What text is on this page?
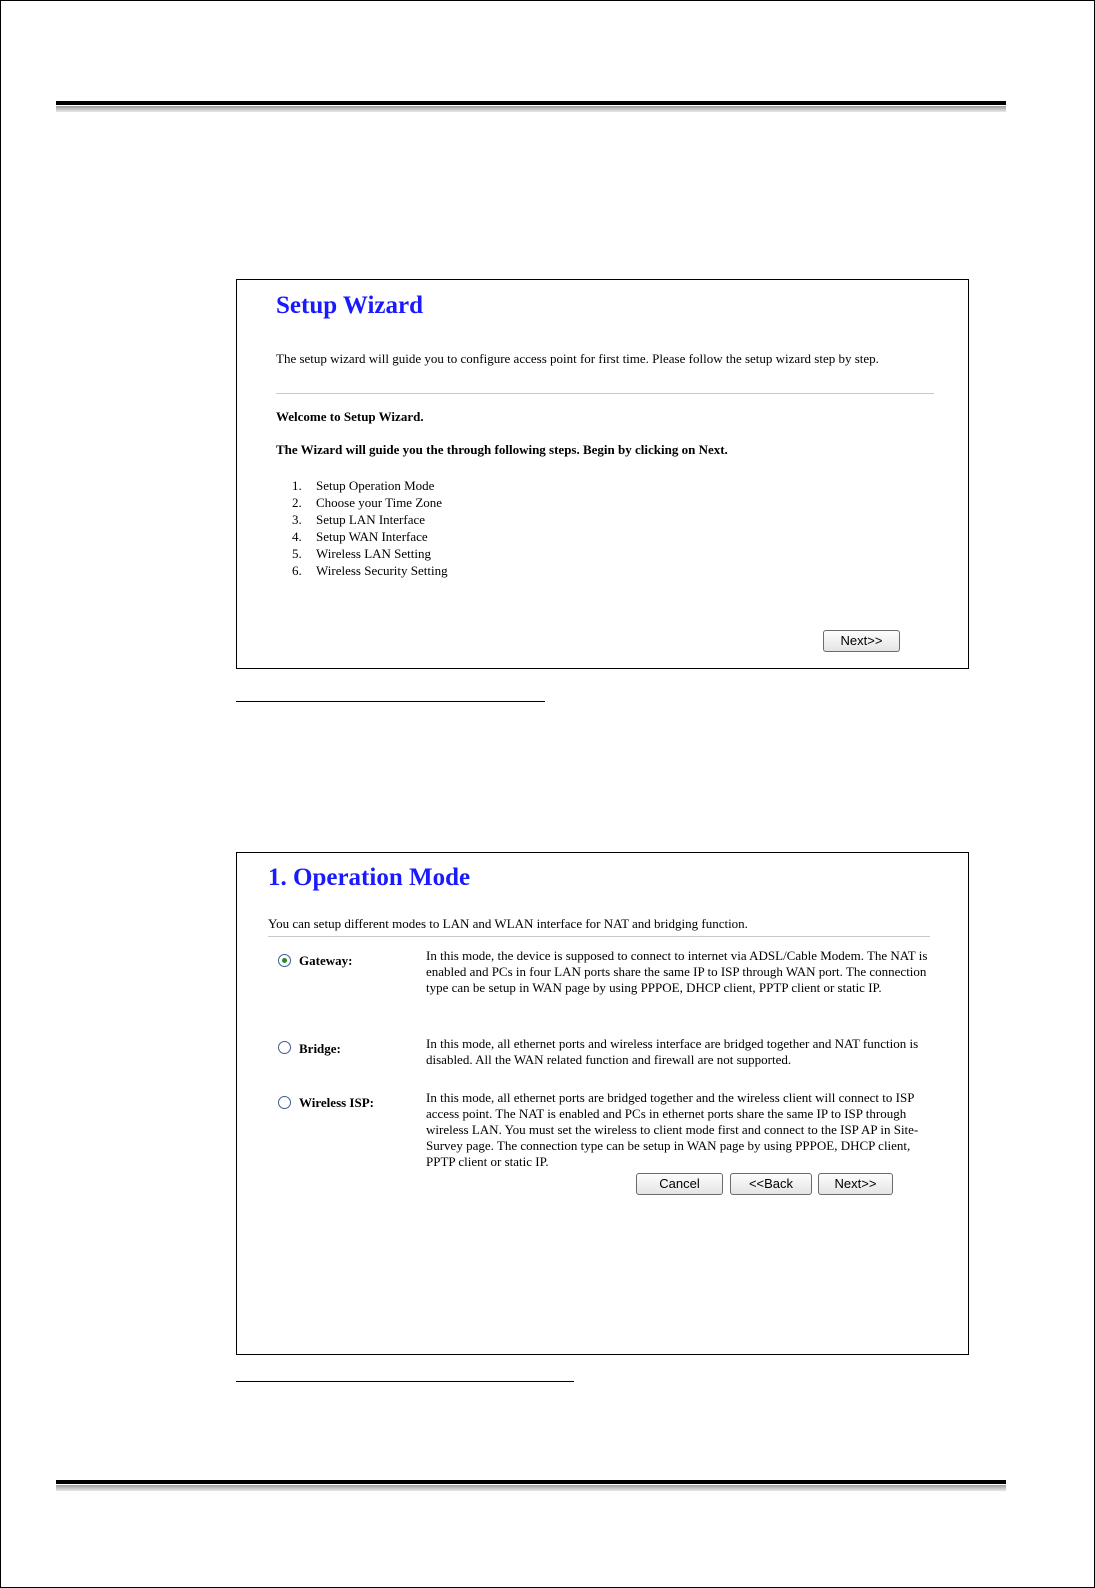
Setup Wizard
The setup wizard will guide you to configure access point for first time. Please follow the setup wizard step by step.
Welcome to Setup Wizard.
The Wizard will guide you the through following steps. Begin by clicking on Next.
1. Setup Operation Mode
2. Choose your Time Zone
3. Setup LAN Interface
4. Setup WAN Interface
5. Wireless LAN Setting
6. Wireless Security Setting
Next>>
1. Operation Mode
You can setup different modes to LAN and WLAN interface for NAT and bridging function.
Gateway:	In this mode, the device is supposed to connect to internet via ADSL/Cable Modem. The NAT is enabled and PCs in four LAN ports share the same IP to ISP through WAN port. The connection type can be setup in WAN page by using PPPOE, DHCP client, PPTP client or static IP.
Bridge:	In this mode, all ethernet ports and wireless interface are bridged together and NAT function is disabled. All the WAN related function and firewall are not supported.
Wireless ISP:	In this mode, all ethernet ports are bridged together and the wireless client will connect to ISP access point. The NAT is enabled and PCs in ethernet ports share the same IP to ISP through wireless LAN. You must set the wireless to client mode first and connect to the ISP AP in Site-Survey page. The connection type can be setup in WAN page by using PPPOE, DHCP client, PPTP client or static IP.
Cancel	<<Back	Next>>
